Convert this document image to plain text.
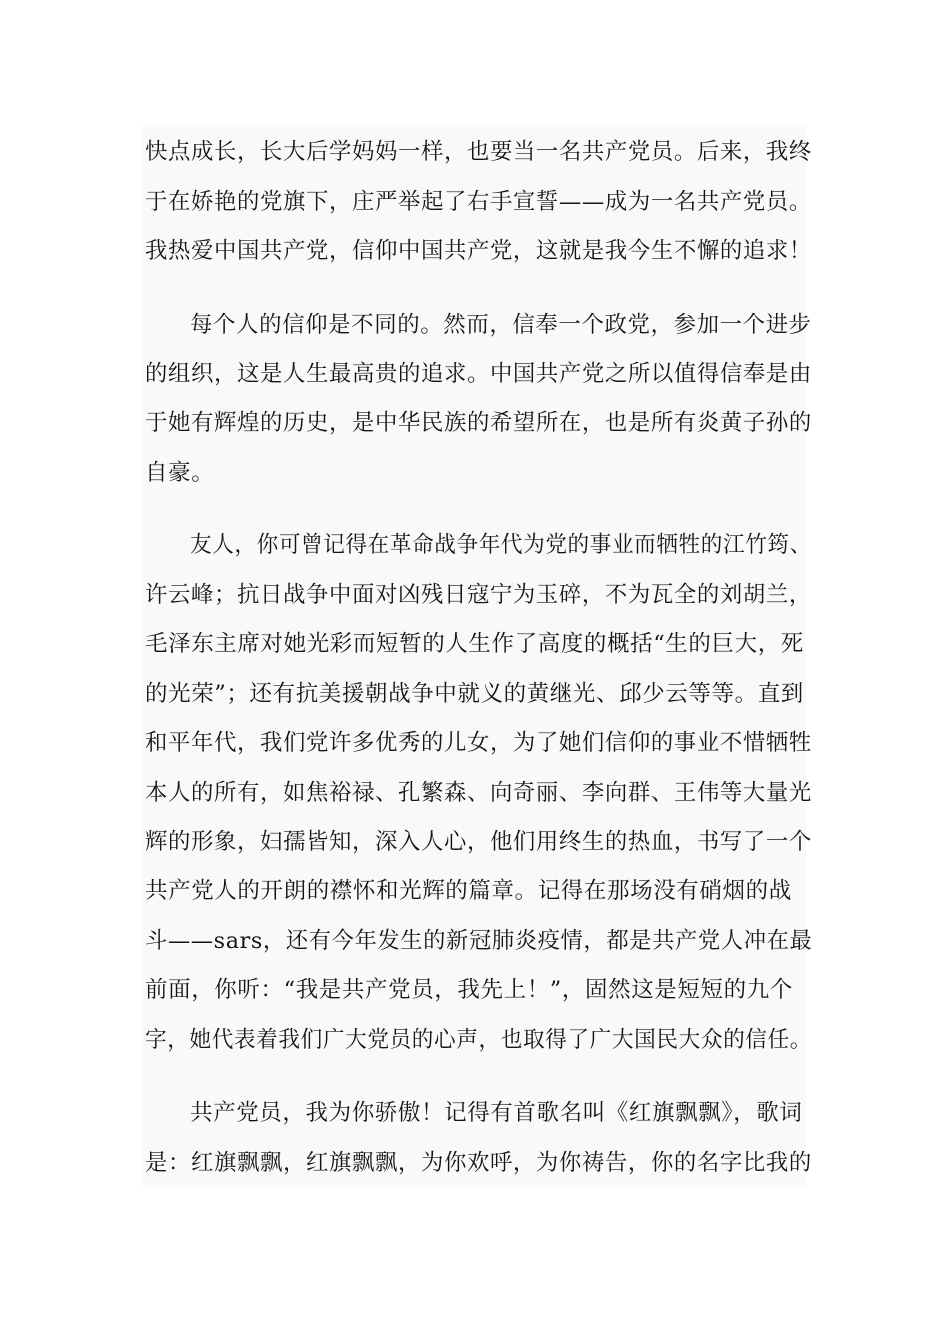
快点成长，长大后学妈妈一样，也要当一名共产党员。后来，我终
于在娇艳的党旗下，庄严举起了右手宣誓——成为一名共产党员。
我热爱中国共产党，信仰中国共产党，这就是我今生不懈的追求！
每个人的信仰是不同的。然而，信奉一个政党，参加一个进步
的组织，这是人生最高贵的追求。中国共产党之所以值得信奉是由
于她有辉煌的历史，是中华民族的希望所在，也是所有炎黄子孙的
自豪。
友人，你可曾记得在革命战争年代为党的事业而牺牲的江竹筠、
许云峰；抗日战争中面对凶残日寇宁为玉碎，不为瓦全的刘胡兰，
毛泽东主席对她光彩而短暂的人生作了高度的概括“生的巨大，死
的光荣”；还有抗美援朝战争中就义的黄继光、邱少云等等。直到
和平年代，我们党许多优秀的儿女，为了她们信仰的事业不惜牺牲
本人的所有，如焦裕禄、孔繁森、向奇丽、李向群、王伟等大量光
辉的形象，妇孺皆知，深入人心，他们用终生的热血，书写了一个
共产党人的开朗的襟怀和光辉的篇章。记得在那场没有硝烟的战
斗——sars，还有今年发生的新冠肺炎疫情，都是共产党人冲在最
前面，你听：“我是共产党员，我先上！”，固然这是短短的九个
字，她代表着我们广大党员的心声，也取得了广大国民大众的信任。
共产党员，我为你骄傲！记得有首歌名叫《红旗飘飘》，歌词
是：红旗飘飘，红旗飘飘，为你欢呼，为你祷告，你的名字比我的
